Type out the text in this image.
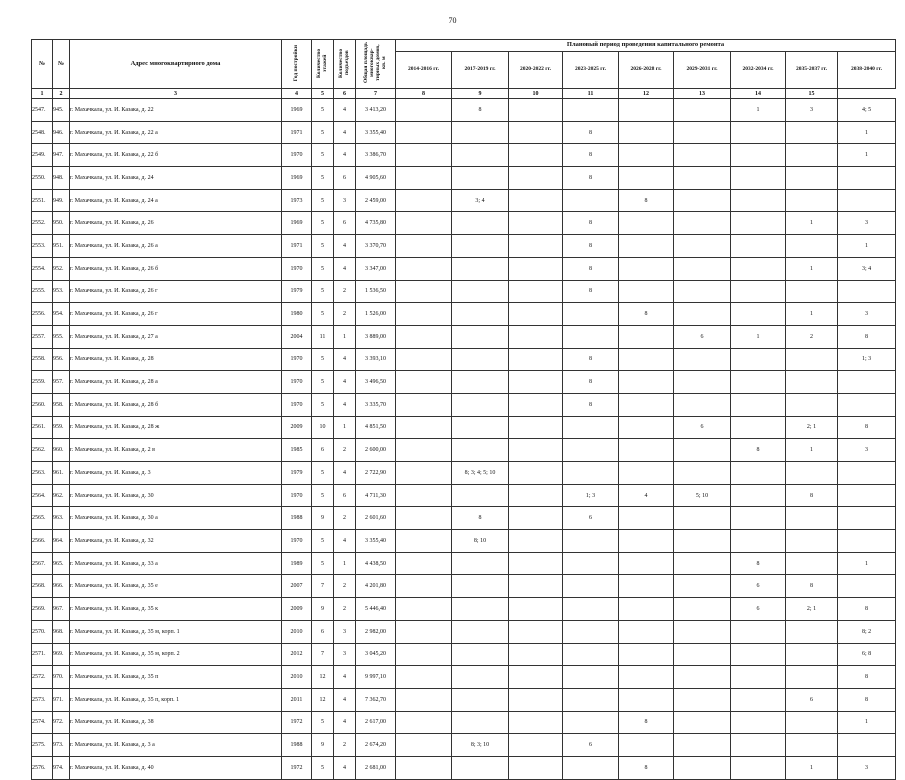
70
№	№	Адрес многоквартирного дома	Год постройки	Количество этажей	Количество подъездов	Общая площадь многоквар-тирных домов, кв. м	Плановый период проведения капитального ремонта								
							2014-2016 гг.	2017-2019 гг.	2020-2022 гг.	2023-2025 гг.	2026-2028 гг.	2029-2031 гг.	2032-2034 гг.	2035-2037 гг.	2038-2040 гг.
1	2	3	4	5	6	7	8	9	10	11	12	13	14	15	
2547.	945.	г. Махачкала, ул. И. Казака, д. 22	1969	5	4	3 413,20		8					1	3	4; 5
2548.	946.	г. Махачкала, ул. И. Казака, д. 22 а	1971	5	4	3 355,40				8					1
2549.	947.	г. Махачкала, ул. И. Казака, д. 22 б	1970	5	4	3 386,70				8					1
2550.	948.	г. Махачкала, ул. И. Казака, д. 24	1969	5	6	4 905,60				8					
2551.	949.	г. Махачкала, ул. И. Казака, д. 24 а	1973	5	3	2 459,00		3; 4			8				
2552.	950.	г. Махачкала, ул. И. Казака, д. 26	1969	5	6	4 735,80				8				1	3
2553.	951.	г. Махачкала, ул. И. Казака, д. 26 а	1971	5	4	3 370,70				8					1
2554.	952.	г. Махачкала, ул. И. Казака, д. 26 б	1970	5	4	3 347,00				8				1	3; 4
2555.	953.	г. Махачкала, ул. И. Казака, д. 26 г	1979	5	2	1 536,50				8					
2556.	954.	г. Махачкала, ул. И. Казака, д. 26 г	1980	5	2	1 526,00					8			1	3
2557.	955.	г. Махачкала, ул. И. Казака, д. 27 а	2004	11	1	3 889,00						6	1	2	8
2558.	956.	г. Махачкала, ул. И. Казака, д. 28	1970	5	4	3 393,10				8					1; 3
2559.	957.	г. Махачкала, ул. И. Казака, д. 28 а	1970	5	4	3 496,50				8					
2560.	958.	г. Махачкала, ул. И. Казака, д. 28 б	1970	5	4	3 335,70				8					
2561.	959.	г. Махачкала, ул. И. Казака, д. 28 ж	2009	10	1	4 851,50						6		2; 1	8
2562.	960.	г. Махачкала, ул. И. Казака, д. 2 в	1985	6	2	2 600,00							8	1	3
2563.	961.	г. Махачкала, ул. И. Казака, д. 3	1979	5	4	2 722,90		8; 3; 4; 5; 10							
2564.	962.	г. Махачкала, ул. И. Казака, д. 30	1970	5	6	4 711,30				1; 3	4	5; 10		8	
2565.	963.	г. Махачкала, ул. И. Казака, д. 30 а	1988	9	2	2 601,60		8		6					
2566.	964.	г. Махачкала, ул. И. Казака, д. 32	1970	5	4	3 355,40		8; 10							
2567.	965.	г. Махачкала, ул. И. Казака, д. 33 а	1989	5	1	4 438,50							8		1
2568.	966.	г. Махачкала, ул. И. Казака, д. 35 е	2007	7	2	4 201,80							6	8	
2569.	967.	г. Махачкала, ул. И. Казака, д. 35 к	2009	9	2	5 446,40							6	2; 1	8
2570.	968.	г. Махачкала, ул. И. Казака, д. 35 м, корп. 1	2010	6	3	2 982,00									8; 2
2571.	969.	г. Махачкала, ул. И. Казака, д. 35 м, корп. 2	2012	7	3	3 045,20									6; 8
2572.	970.	г. Махачкала, ул. И. Казака, д. 35 п	2010	12	4	9 997,10									8
2573.	971.	г. Махачкала, ул. И. Казака, д. 35 п, корп. 1	2011	12	4	7 362,70								6	8
2574.	972.	г. Махачкала, ул. И. Казака, д. 38	1972	5	4	2 617,00					8				1
2575.	973.	г. Махачкала, ул. И. Казака, д. 3 а	1988	9	2	2 674,20		8; 3; 10		6					
2576.	974.	г. Махачкала, ул. И. Казака, д. 40	1972	5	4	2 681,00					8			1	3
